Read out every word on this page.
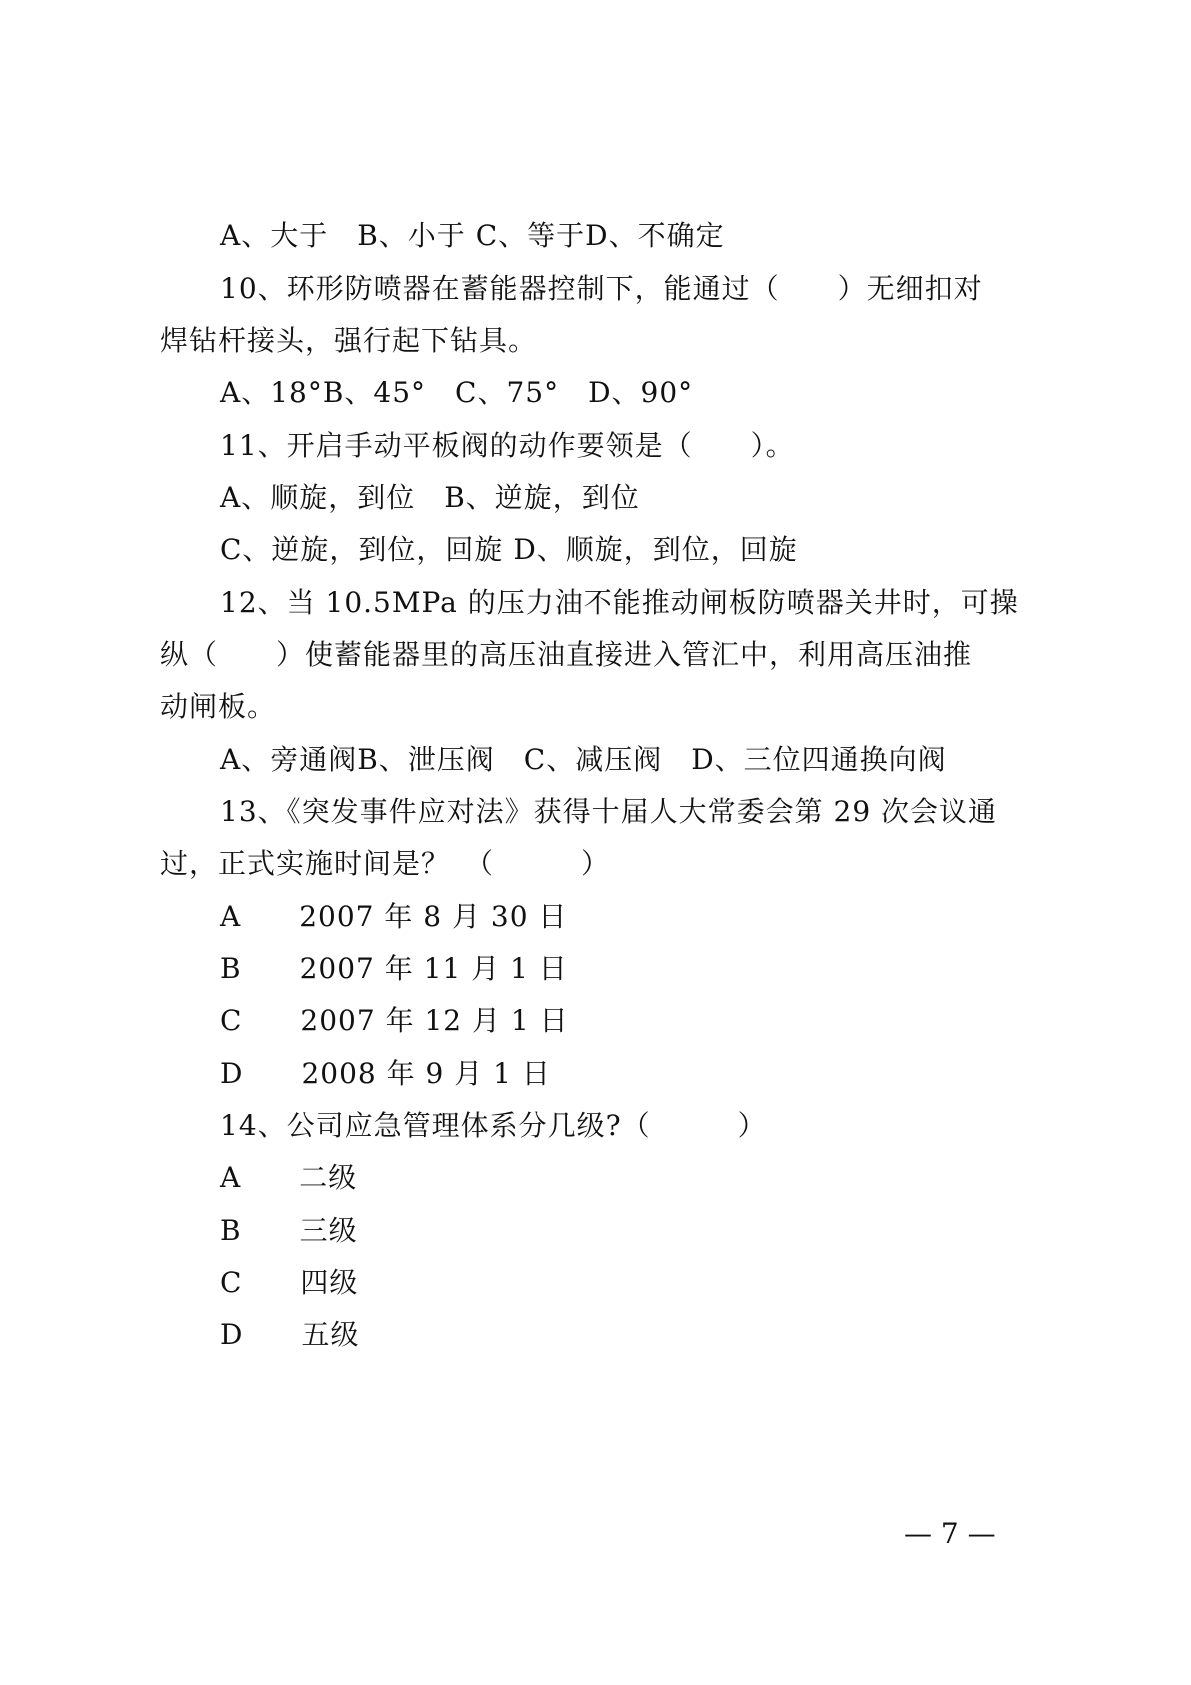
A、大于　B、小于 C、等于D、不确定
10、环形防喷器在蓄能器控制下，能通过（　　）无细扣对
焊钻杆接头，强行起下钻具。
A、18°B、45°　C、75°　D、90°
11、开启手动平板阀的动作要领是（　　）。
A、顺旋，到位　B、逆旋，到位
C、逆旋，到位，回旋 D、顺旋，到位，回旋
12、当 10.5MPa 的压力油不能推动闸板防喷器关井时，可操
纵（　　）使蓄能器里的高压油直接进入管汇中，利用高压油推
动闸板。
A、旁通阀B、泄压阀　C、减压阀　D、三位四通换向阀
13、《突发事件应对法》获得十届人大常委会第 29 次会议通
过，正式实施时间是？　（　　　）
A　　2007 年 8 月 30 日
B　　2007 年 11 月 1 日
C　　2007 年 12 月 1 日
D　　2008 年 9 月 1 日
14、公司应急管理体系分几级?（　　　）
A　　二级
B　　三级
C　　四级
D　　五级
— 7 —
